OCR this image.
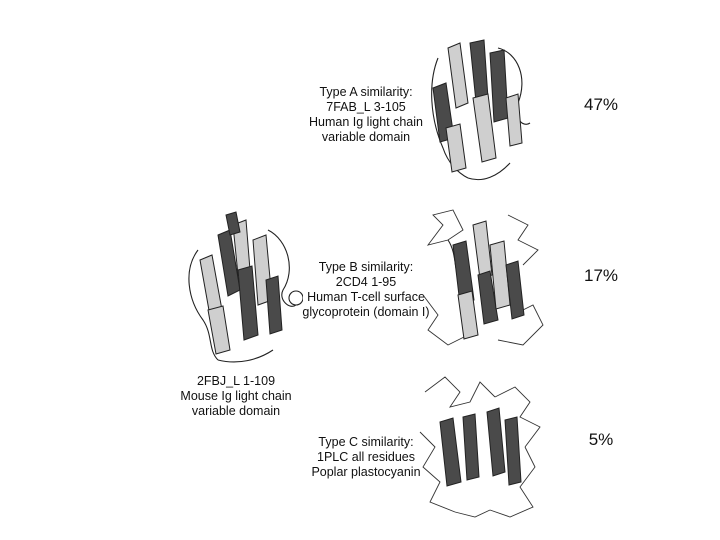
2FBJ_L 1-109
Mouse Ig light chain
variable domain
Type A similarity:
7FAB_L 3-105
Human Ig light chain
variable domain
47%
Type B similarity:
2CD4 1-95
Human T-cell surface
glycoprotein (domain I)
17%
Type C similarity:
1PLC all residues
Poplar plastocyanin
5%
